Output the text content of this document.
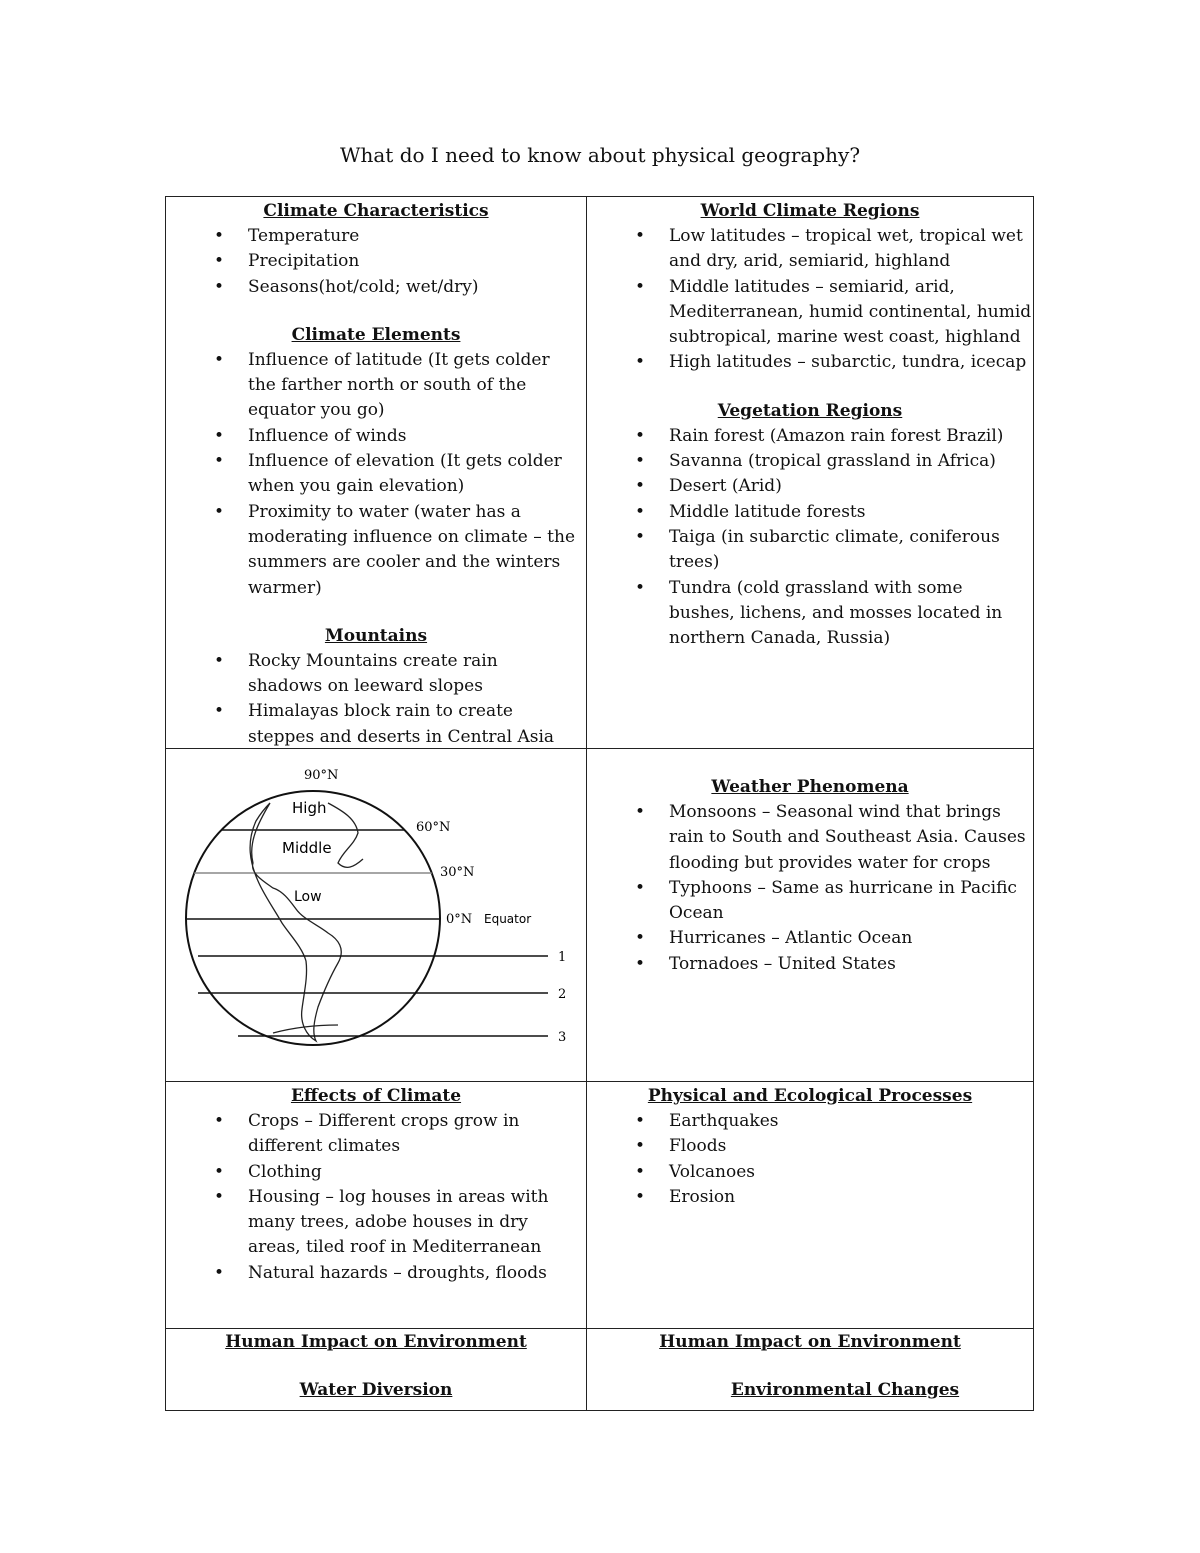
What do I need to know about physical geography?

Climate Characteristics

• Temperature
• Precipitation
• Seasons(hot/cold; wet/dry)

Climate Elements

• Influence of latitude (It gets colder the farther north or south of the equator you go)
• Influence of winds
• Influence of elevation (It gets colder when you gain elevation)
• Proximity to water (water has a moderating influence on climate – the summers are cooler and the winters warmer)

Mountains

• Rocky Mountains create rain shadows on leeward slopes
• Himalayas block rain to create steppes and deserts in Central Asia

World Climate Regions

• Low latitudes – tropical wet, tropical wet and dry, arid, semiarid, highland
• Middle latitudes – semiarid, arid, Mediterranean, humid continental, humid subtropical, marine west coast, highland
• High latitudes – subarctic, tundra, icecap

Vegetation Regions

• Rain forest (Amazon rain forest Brazil)
• Savanna (tropical grassland in Africa)
• Desert (Arid)
• Middle latitude forests
• Taiga (in subarctic climate, coniferous trees)
• Tundra (cold grassland with some bushes, lichens, and mosses located in northern Canada, Russia)
90°N
60°N
30°N
0°N Equator
High
Middle
Low
1
2
3

Weather Phenomena

• Monsoons – Seasonal wind that brings rain to South and Southeast Asia. Causes flooding but provides water for crops
• Typhoons – Same as hurricane in Pacific Ocean
• Hurricanes – Atlantic Ocean
• Tornadoes – United States

Effects of Climate

• Crops – Different crops grow in different climates
• Clothing
• Housing – log houses in areas with many trees, adobe houses in dry areas, tiled roof in Mediterranean
• Natural hazards – droughts, floods

Physical and Ecological Processes

• Earthquakes
• Floods
• Volcanoes
• Erosion

Human Impact on Environment

Water Diversion

Human Impact on Environment

Environmental Changes
